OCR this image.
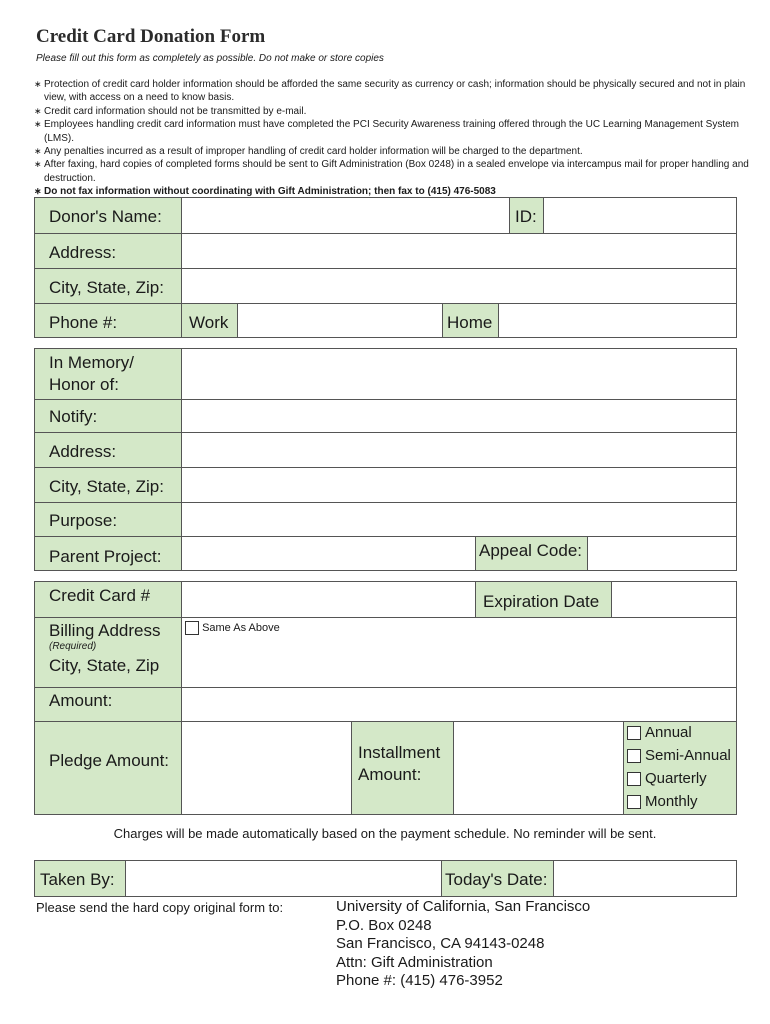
Credit Card Donation Form
Please fill out this form as completely as possible. Do not make or store copies
∗ Protection of credit card holder information should be afforded the same security as currency or cash; information should be physically secured and not in plain view, with access on a need to know basis.
∗ Credit card information should not be transmitted by e-mail.
∗ Employees handling credit card information must have completed the PCI Security Awareness training offered through the UC Learning Management System (LMS).
∗ Any penalties incurred as a result of improper handling of credit card holder information will be charged to the department.
∗ After faxing, hard copies of completed forms should be sent to Gift Administration (Box 0248) in a sealed envelope via intercampus mail for proper handling and destruction.
∗ Do not fax information without coordinating with Gift Administration; then fax to (415) 476-5083
Donor's Name:	ID:
Address:
City, State, Zip:
Phone #:	Work	Home
In Memory/
Honor of:
Notify:
Address:
City, State, Zip:
Purpose:
Parent Project:	Appeal Code:
Credit Card #	Expiration Date
Billing Address
(Required)
City, State, Zip
Same As Above
Amount:
Pledge Amount:	Installment
Amount:
Annual
Semi-Annual
Quarterly
Monthly
Charges will be made automatically based on the payment schedule. No reminder will be sent.
Taken By:	Today's Date:
Please send the hard copy original form to:	University of California, San Francisco
P.O. Box 0248
San Francisco, CA 94143-0248
Attn: Gift Administration
Phone #: (415) 476-3952
